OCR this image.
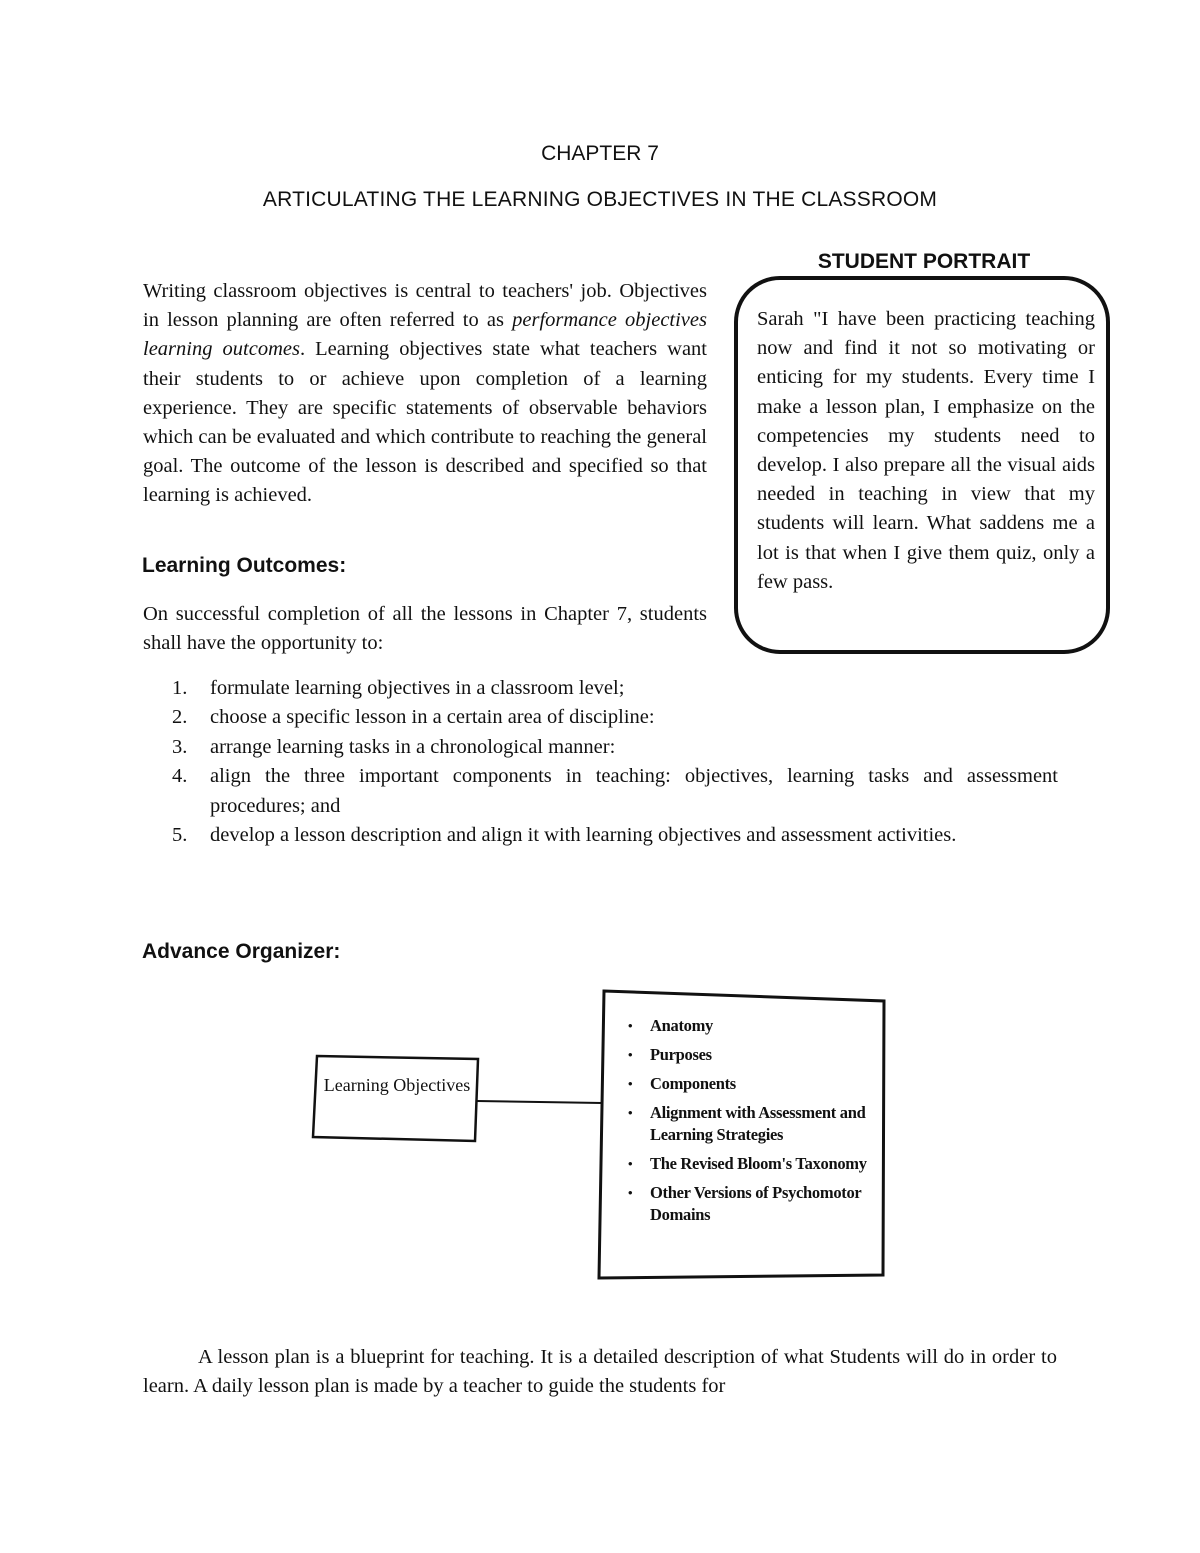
CHAPTER 7
ARTICULATING THE LEARNING OBJECTIVES IN THE CLASSROOM

Writing classroom objectives is central to teachers' job. Objectives in lesson planning are often referred to as performance objectives learning outcomes. Learning objectives state what teachers want their students to or achieve upon completion of a learning experience. They are specific statements of observable behaviors which can be evaluated and which contribute to reaching the general goal. The outcome of the lesson is described and specified so that learning is achieved.

STUDENT PORTRAIT

Sarah "I have been practicing teaching now and find it not so motivating or enticing for my students. Every time I make a lesson plan, I emphasize on the competencies my students need to develop. I also prepare all the visual aids needed in teaching in view that my students will learn. What saddens me a lot is that when I give them quiz, only a few pass.

Learning Outcomes:

On successful completion of all the lessons in Chapter 7, students shall have the opportunity to:

1. formulate learning objectives in a classroom level;
2. choose a specific lesson in a certain area of discipline:
3. arrange learning tasks in a chronological manner:
4. align the three important components in teaching: objectives, learning tasks and assessment procedures; and
5. develop a lesson description and align it with learning objectives and assessment activities.
Advance Organizer:
Learning Objectives
• Anatomy
• Purposes
• Components
• Alignment with Assessment and Learning Strategies
• The Revised Bloom's Taxonomy
• Other Versions of Psychomotor Domains

A lesson plan is a blueprint for teaching. It is a detailed description of what Students will do in order to learn. A daily lesson plan is made by a teacher to guide the students for
